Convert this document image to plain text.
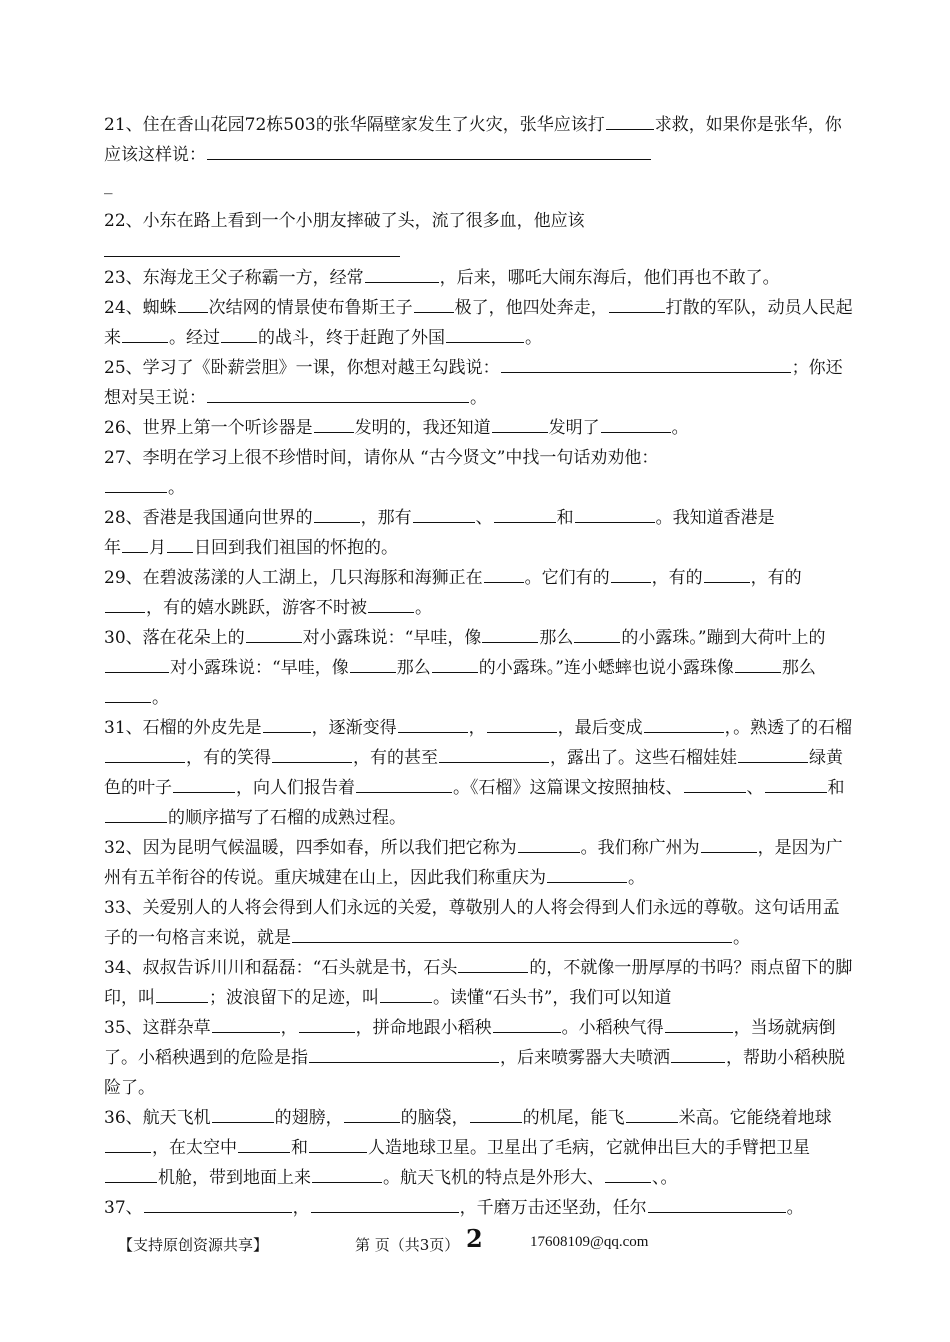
21、住在香山花园72栋503的张华隔壁家发生了火灾，张华应该打	求救，如果你是张华，你应该这样说：
_

22、小东在路上看到一个小朋友摔破了头，流了很多血，他应该

23、东海龙王父子称霸一方，经常	，后来，哪吒大闹东海后，他们再也不敢了。

24、蜘蛛 次结网的情景使布鲁斯王子 极了，他四处奔走，	打散的军队，动员人民起来	。经过 的战斗，终于赶跑了外国	。

25、学习了《卧薪尝胆》一课，你想对越王勾践说：	；你还想对吴王说：	。

26、世界上第一个听诊器是 发明的，我还知道	发明了	。

27、李明在学习上很不珍惜时间，请你从 “古今贤文”中找一句话劝劝他：
。

28、香港是我国通向世界的	，那有	、	和	。我知道香港是
年 月 日回到我们祖国的怀抱的。

29、在碧波荡漾的人工湖上，几只海豚和海狮正在 。它们有的 ，有的	，有的
，有的嬉水跳跃，游客不时被	。

30、落在花朵上的	对小露珠说：“早哇，像	那么	的小露珠。”蹦到大荷叶上的对小露珠说：“早哇，像	那么	的小露珠。”连小蟋蟀也说小露珠像	那么。

31、石榴的外皮先是	，逐渐变得	，	，最后变成	，。熟透了的石榴，有的笑得	，有的甚至	，露出了。这些石榴娃娃	绿黄色的叶子	，向人们报告着	。《石榴》这篇课文按照抽枝、	、	和的顺序描写了石榴的成熟过程。

32、因为昆明气候温暖，四季如春，所以我们把它称为	。我们称广州为	，是因为广州有五羊衔谷的传说。重庆城建在山上，因此我们称重庆为	。

33、关爱别人的人将会得到人们永远的关爱，尊敬别人的人将会得到人们永远的尊敬。这句话用孟子的一句格言来说，就是	。

34、叔叔告诉川川和磊磊：“石头就是书，石头	的，不就像一册厚厚的书吗？雨点留下的脚印，叫	；波浪留下的足迹，叫	。读懂“石头书”，我们可以知道

35、这群杂草	，	，拼命地跟小稻秧	。小稻秧气得	，当场就病倒了。小稻秧遇到的危险是指	，后来喷雾器大夫喷洒	，帮助小稻秧脱险了。

36、航天飞机	的翅膀，	的脑袋，	的机尾，能飞	米高。它能绕着地球，在太空中	和	人造地球卫星。卫星出了毛病，它就伸出巨大的手臂把卫星机舱，带到地面上来	。航天飞机的特点是外形大、	、。

37、	，	，千磨万击还坚劲，任尔	。

【支持原创资源共享】	第 页（共3页） 2	17608109@qq.com
